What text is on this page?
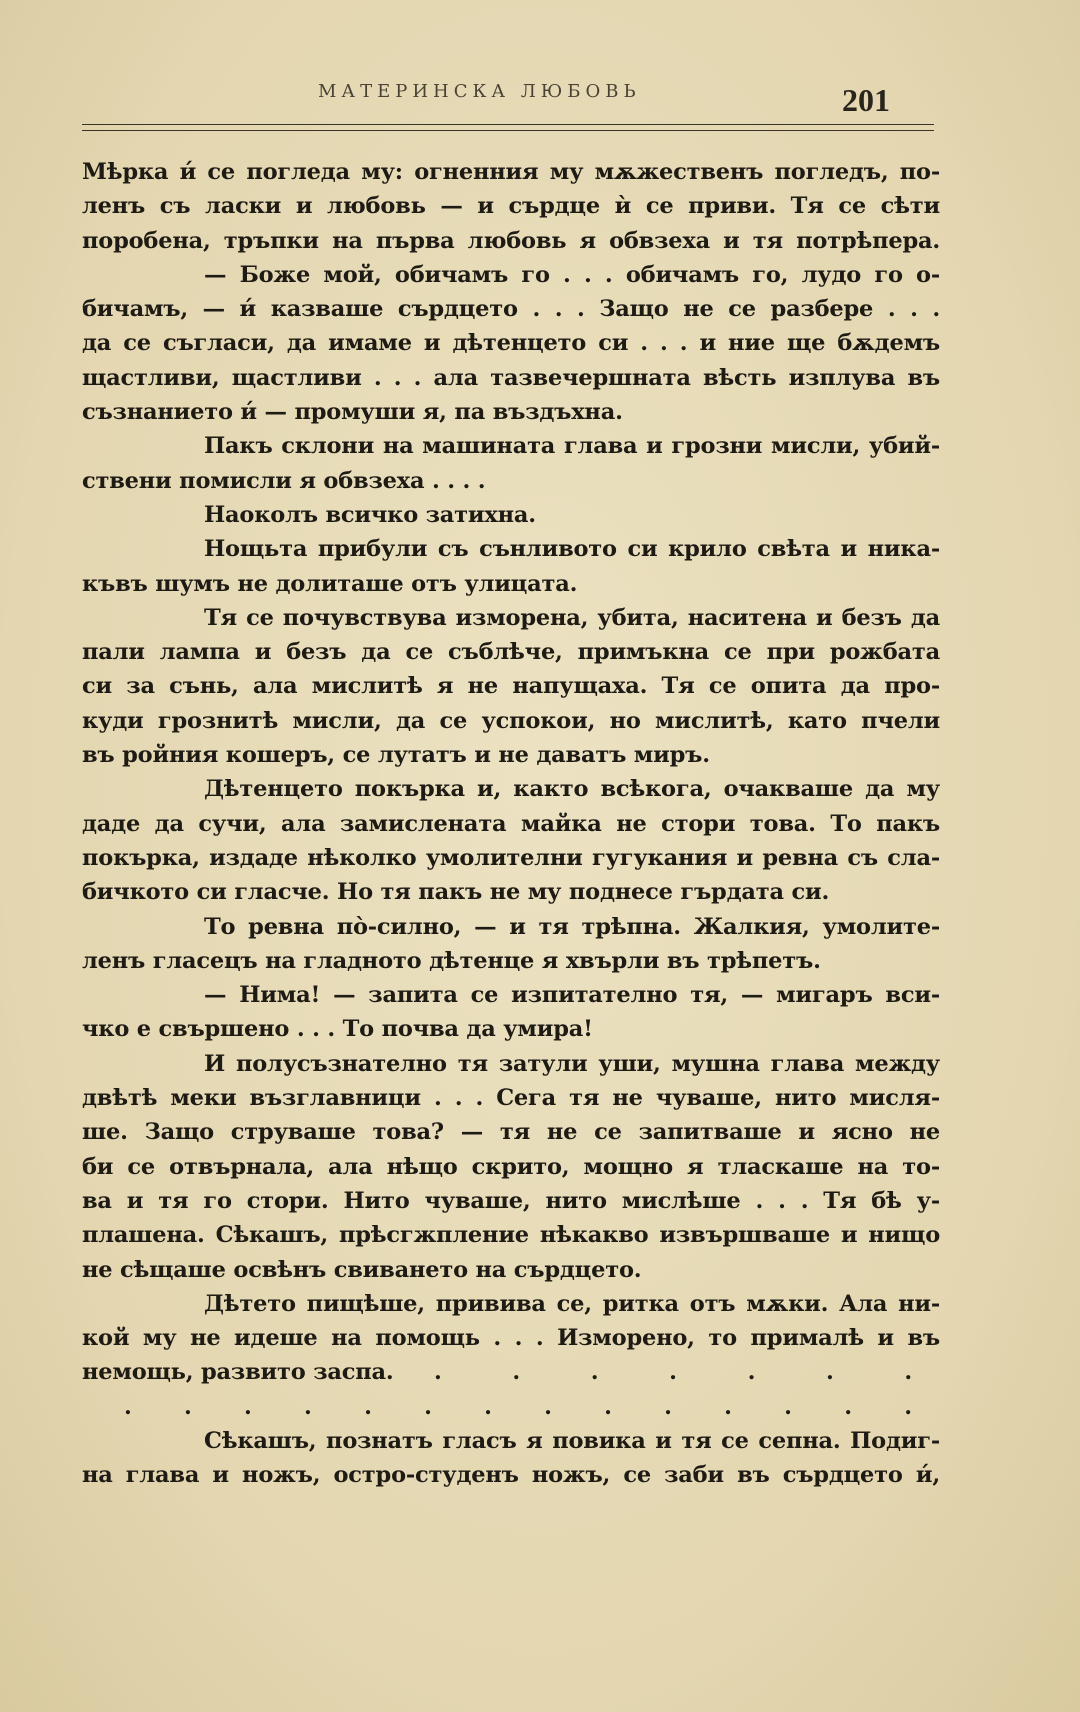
МАТЕРИНСКА ЛЮБОВЬ	201
Мѣрка и́ се погледа му: огненния му мѫжественъ погледъ, по-
ленъ съ ласки и любовь — и сърдце ѝ се приви. Тя се сѣти
поробена, тръпки на първа любовь я обвзеха и тя потрѣпера.
— Боже мой, обичамъ го . . . обичамъ го, лудо го о-
бичамъ, — и́ казваше сърдцето . . . Защо не се разбере . . .
да се съгласи, да имаме и дѣтенцето си . . . и ние ще бѫдемъ
щастливи, щастливи . . . ала тазвечершната вѣсть изплува въ
съзнанието и́ — промуши я, па въздъхна.
Пакъ склони на машината глава и грозни мисли, убий-
ствени помисли я обвзеха . . . .
Наоколъ всичко затихна.
Нощьта прибули съ сънливото си крило свѣта и ника-
къвъ шумъ не долиташе отъ улицата.
Тя се почувствува изморена, убита, наситена и безъ да
пали лампа и безъ да се съблѣче, примъкна се при рожбата
си за сънь, ала мислитѣ я не напущаха. Тя се опита да про-
куди грознитѣ мисли, да се успокои, но мислитѣ, като пчели
въ ройния кошеръ, се лутатъ и не даватъ миръ.
Дѣтенцето покърка и, както всѣкога, очакваше да му
даде да сучи, ала замислената майка не стори това. То пакъ
покърка, издаде нѣколко умолителни гугукания и ревна съ сла-
бичкото си гласче. Но тя пакъ не му поднесе гърдата си.
То ревна пò-силно, — и тя трѣпна. Жалкия, умолите-
ленъ гласецъ на гладното дѣтенце я хвърли въ трѣпетъ.
— Нима! — запита се изпитателно тя, — мигаръ вси-
чко е свършено . . . То почва да умира!
И полусъзнателно тя затули уши, мушна глава между
двѣтѣ меки възглавници . . . Сега тя не чуваше, нито мисля-
ше. Защо струваше това? — тя не се запитваше и ясно не
би се отвърнала, ала нѣщо скрито, мощно я тласкаше на то-
ва и тя го стори. Нито чуваше, нито мислѣше . . . Тя бѣ у-
плашена. Сѣкашъ, прѣсгжпление нѣкакво извършваше и нищо
не сѣщаше освѣнъ свиването на сърдцето.
Дѣтето пищѣше, привива се, ритка отъ мѫки. Ала ни-
кой му не идеше на помощь . . . Изморено, то прималѣ и въ
немощь, развито заспа. .	.	.	.	.	.	.
. . . . . . . . . . . . . .
Сѣкашъ, познатъ гласъ я повика и тя се сепна. Подиг-
на глава и ножъ, остро-студенъ ножъ, се заби въ сърдцето и́,
